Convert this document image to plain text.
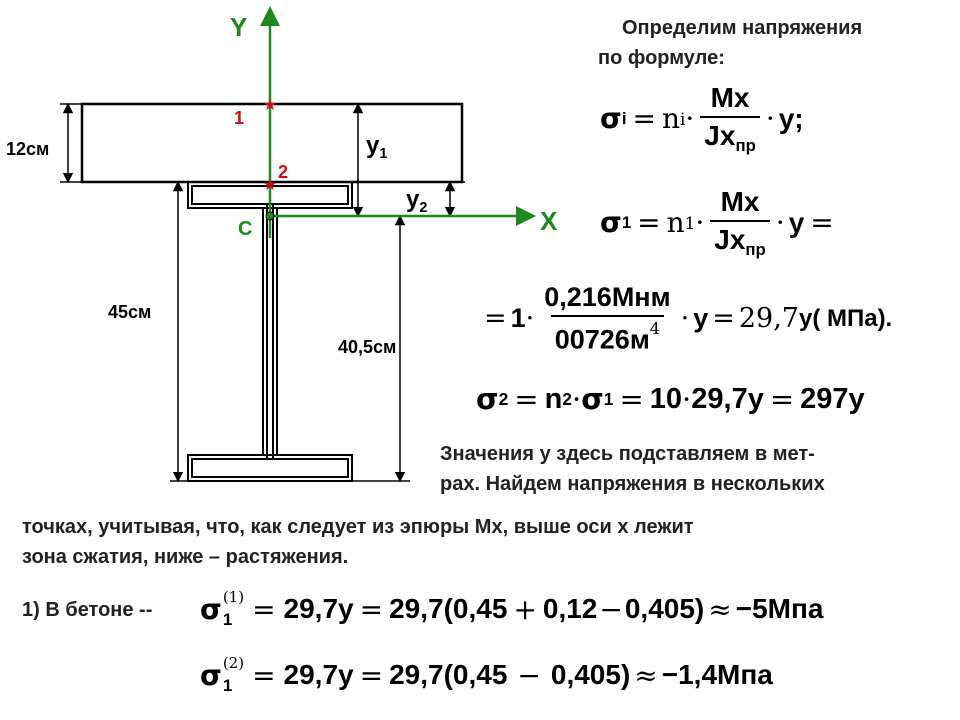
★
★
Y
X
C
1
2
12см
45см
40,5см
$y_1$
$y_2$
Определим напряжения
по формуле:
σ i = n $i \cdot \frac{Mx}{Jx_{пр}} \cdot y$;
σ 1 = n $1 \cdot \frac{Mx}{Jx_{пр}} \cdot y$ =
= $1 \cdot \frac{\text{0,216Мнм}}{00726м^4} \cdot y = 29,7$ y( МПа).
σ 2 = n 2 · σ 1 = 10 · 29,7y = 297y
Значения у здесь подставляем в мет-
рах. Найдем напряжения в нескольких
точках, учитывая, что, как следует из эпюры Мх, выше оси х лежит
зона сжатия, ниже – растяжения.
1) В бетоне -- σ (1)
1 = 29,7y = 29,7 (0,45 + 0,12 − 0,405) ≈ −5Мпа
σ (2)
1 = 29,7y = 29,7 (0,45 − 0,405) ≈ −1,4Мпа
